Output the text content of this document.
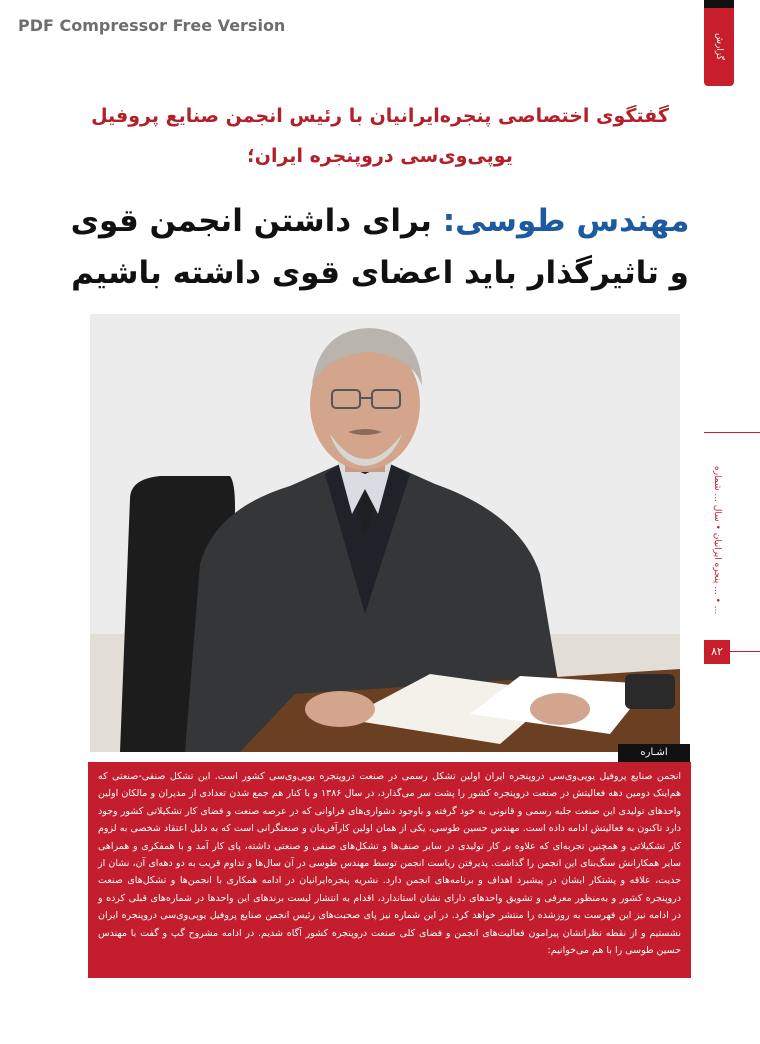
PDF Compressor Free Version
گزارش
گفتگوی اختصاصی پنجره‌ایرانیان با رئیس انجمن صنایع پروفیل یوپی‌وی‌سی دروپنجره ایران؛
مهندس طوسی: برای داشتن انجمن قوی و تاثیرگذار باید اعضای قوی داشته باشیم
پنجره ایرانیان • سال ... شماره ... • ...
۸۲
اشـاره
انجمن صنایع پروفیل یوپی‌وی‌سی دروپنجره ایران اولین تشکل رسمی در صنعت دروپنجره یوپی‌وی‌سی کشور است. این تشکل صنفی-صنعتی که هم‌اینک دومین دهه فعالیتش در صنعت دروپنجره کشور را پشت سر می‌گذارد، در سال ۱۳۸۶ و با کنار هم جمع شدن تعدادی از مدیران و مالکان اولین واحدهای تولیدی این صنعت جلبه رسمی و قانونی به خود گرفته و باوجود دشواری‌های فراوانی که در عرصه صنعت و فضای کار تشکیلاتی کشور وجود دارد تاکنون به فعالیتش ادامه داده است. مهندس حسین طوسی، یکی از همان اولین کارآفرینان و صنعتگرانی است که به دلیل اعتقاد شخصی به لزوم کار تشکیلاتی و همچنین تجربه‌ای که علاوه بر کار تولیدی در سایر صنف‌ها و تشکل‌های صنفی و صنعتی داشته، پای کار آمد و با همفکری و همراهی سایر همکارانش سنگ‌بنای این انجمن را گذاشت. پذیرفتن ریاست انجمن توسط مهندس طوسی در آن سال‌ها و تداوم قریب به دو دهه‌ای آن، نشان از جدیت، علاقه و پشتکار ایشان در پیشبرد اهداف و برنامه‌های انجمن دارد. نشریه پنجره‌ایرانیان در ادامه همکاری با انجمن‌ها و تشکل‌های صنعت دروپنجره کشور و به‌منظور معرفی و تشویق واحدهای دارای نشان استاندارد، اقدام به انتشار لیست برندهای این واحدها در شماره‌های قبلی کرده و در ادامه نیز این فهرست به روزشده را منتشر خواهد کرد. در این شماره نیز پای صحبت‌های رئیس انجمن صنایع پروفیل یوپی‌وی‌سی دروپنجره ایران نشستیم و از نقطه نظراتشان پیرامون فعالیت‌های انجمن و فضای کلی صنعت دروپنجره کشور آگاه شدیم. در ادامه مشروح گپ و گفت با مهندس حسین طوسی را با هم می‌خوانیم:
